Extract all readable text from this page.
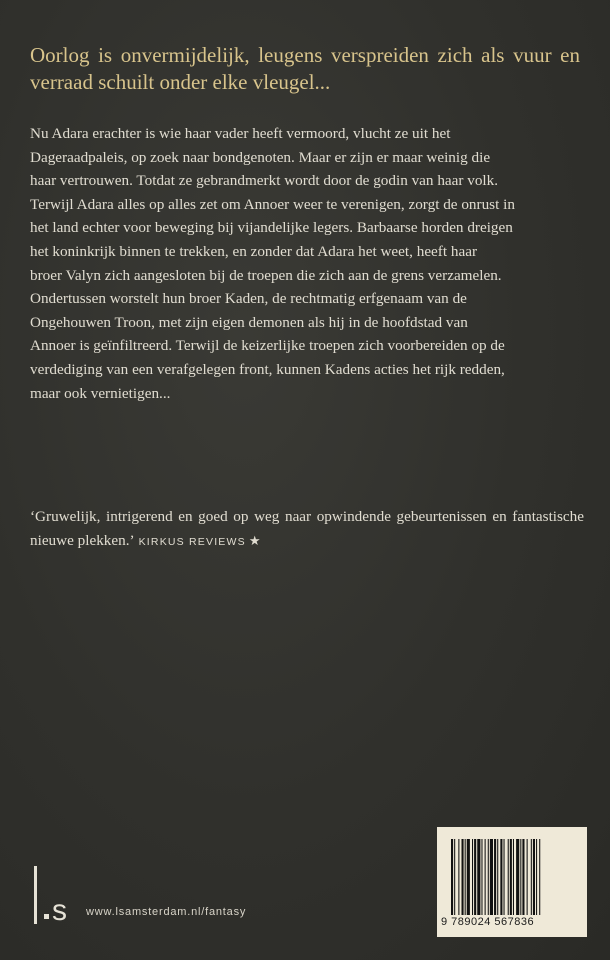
Oorlog is onvermijdelijk, leugens verspreiden zich als vuur en verraad schuilt onder elke vleugel...

Nu Adara erachter is wie haar vader heeft vermoord, vlucht ze uit het
Dageraadpaleis, op zoek naar bondgenoten. Maar er zijn er maar weinig die
haar vertrouwen. Totdat ze gebrandmerkt wordt door de godin van haar volk.
Terwijl Adara alles op alles zet om Annoer weer te verenigen, zorgt de onrust in
het land echter voor beweging bij vijandelijke legers. Barbaarse horden dreigen
het koninkrijk binnen te trekken, en zonder dat Adara het weet, heeft haar
broer Valyn zich aangesloten bij de troepen die zich aan de grens verzamelen.
Ondertussen worstelt hun broer Kaden, de rechtmatig erfgenaam van de
Ongehouwen Troon, met zijn eigen demonen als hij in de hoofdstad van
Annoer is geïnfiltreerd. Terwijl de keizerlijke troepen zich voorbereiden op de
verdediging van een verafgelegen front, kunnen Kadens acties het rijk redden,
maar ook vernietigen...

‘Gruwelijk, intrigerend en goed op weg naar opwindende gebeurtenissen en fantastische nieuwe plekken.’ KIRKUS REVIEWS ★

s www.lsamsterdam.nl/fantasy
9 789024 567836
